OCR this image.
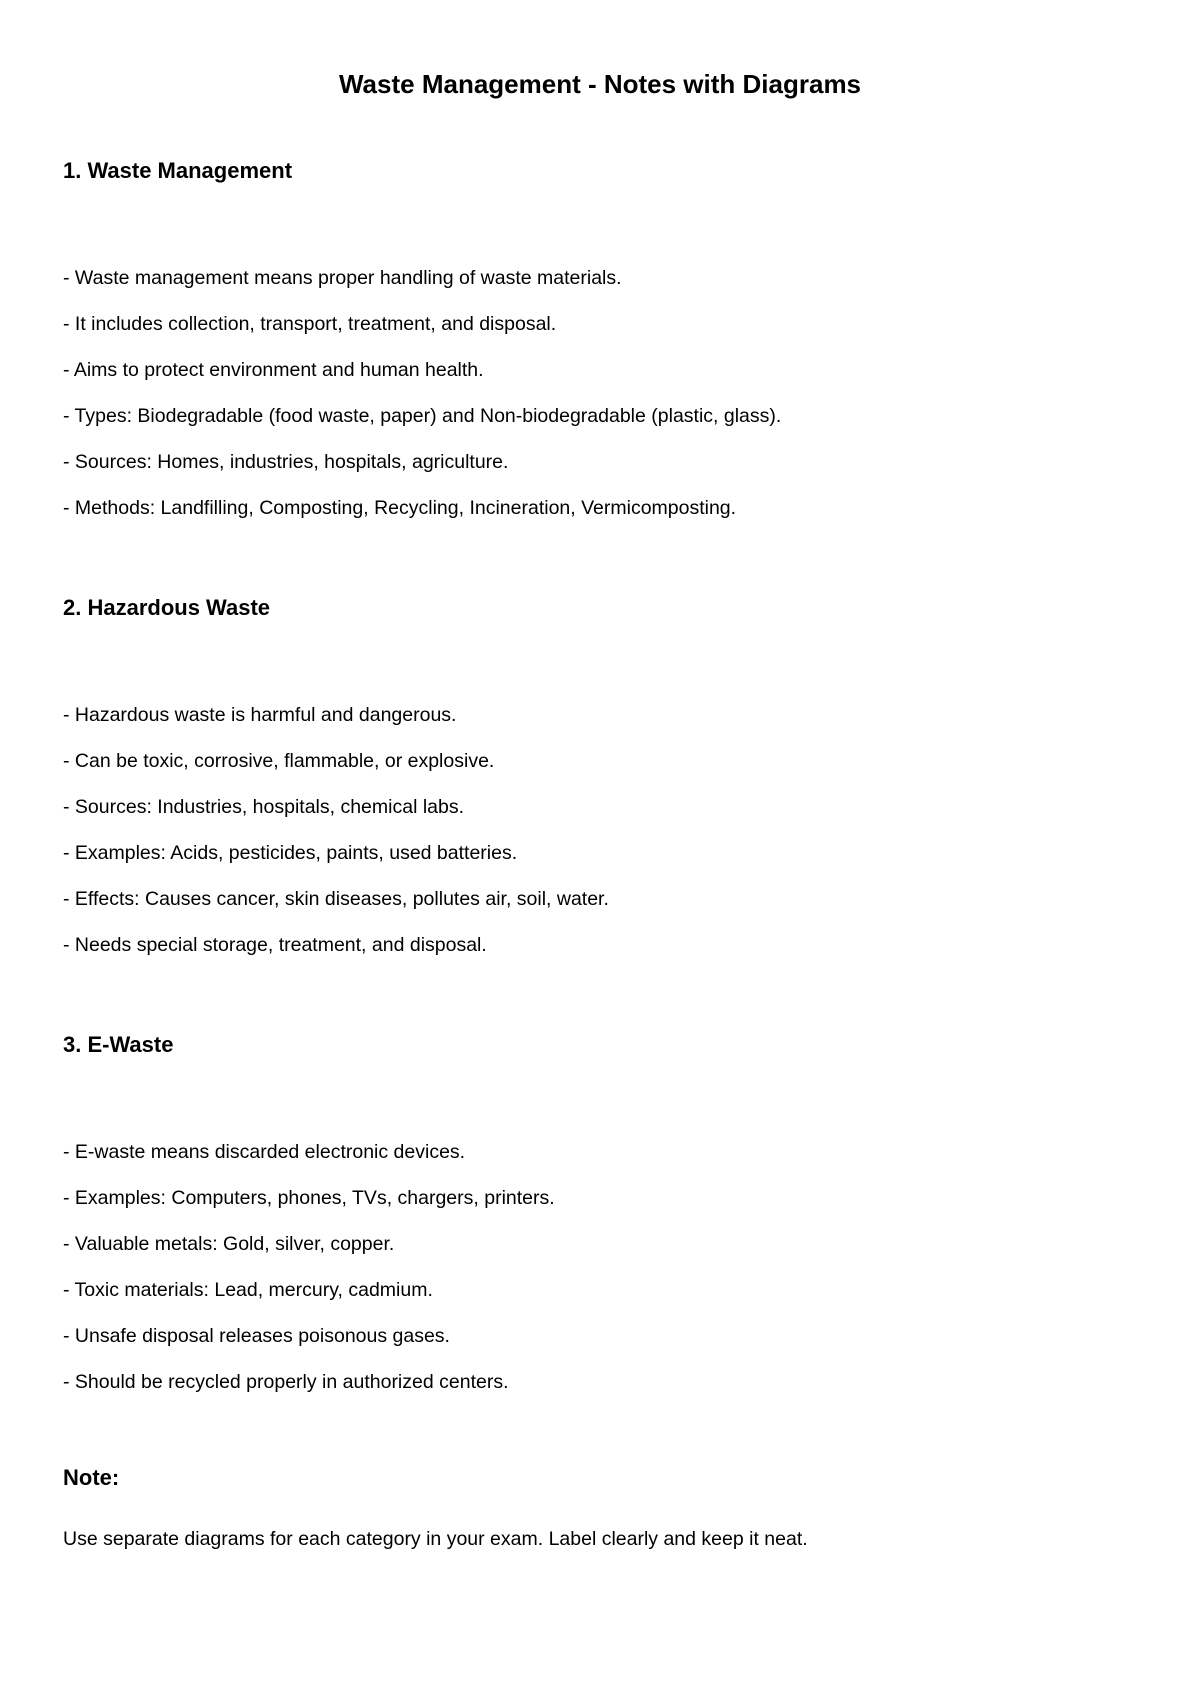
Waste Management - Notes with Diagrams
1. Waste Management
- Waste management means proper handling of waste materials.
- It includes collection, transport, treatment, and disposal.
- Aims to protect environment and human health.
- Types: Biodegradable (food waste, paper) and Non-biodegradable (plastic, glass).
- Sources: Homes, industries, hospitals, agriculture.
- Methods: Landfilling, Composting, Recycling, Incineration, Vermicomposting.
2. Hazardous Waste
- Hazardous waste is harmful and dangerous.
- Can be toxic, corrosive, flammable, or explosive.
- Sources: Industries, hospitals, chemical labs.
- Examples: Acids, pesticides, paints, used batteries.
- Effects: Causes cancer, skin diseases, pollutes air, soil, water.
- Needs special storage, treatment, and disposal.
3. E-Waste
- E-waste means discarded electronic devices.
- Examples: Computers, phones, TVs, chargers, printers.
- Valuable metals: Gold, silver, copper.
- Toxic materials: Lead, mercury, cadmium.
- Unsafe disposal releases poisonous gases.
- Should be recycled properly in authorized centers.
Note:

Use separate diagrams for each category in your exam. Label clearly and keep it neat.
